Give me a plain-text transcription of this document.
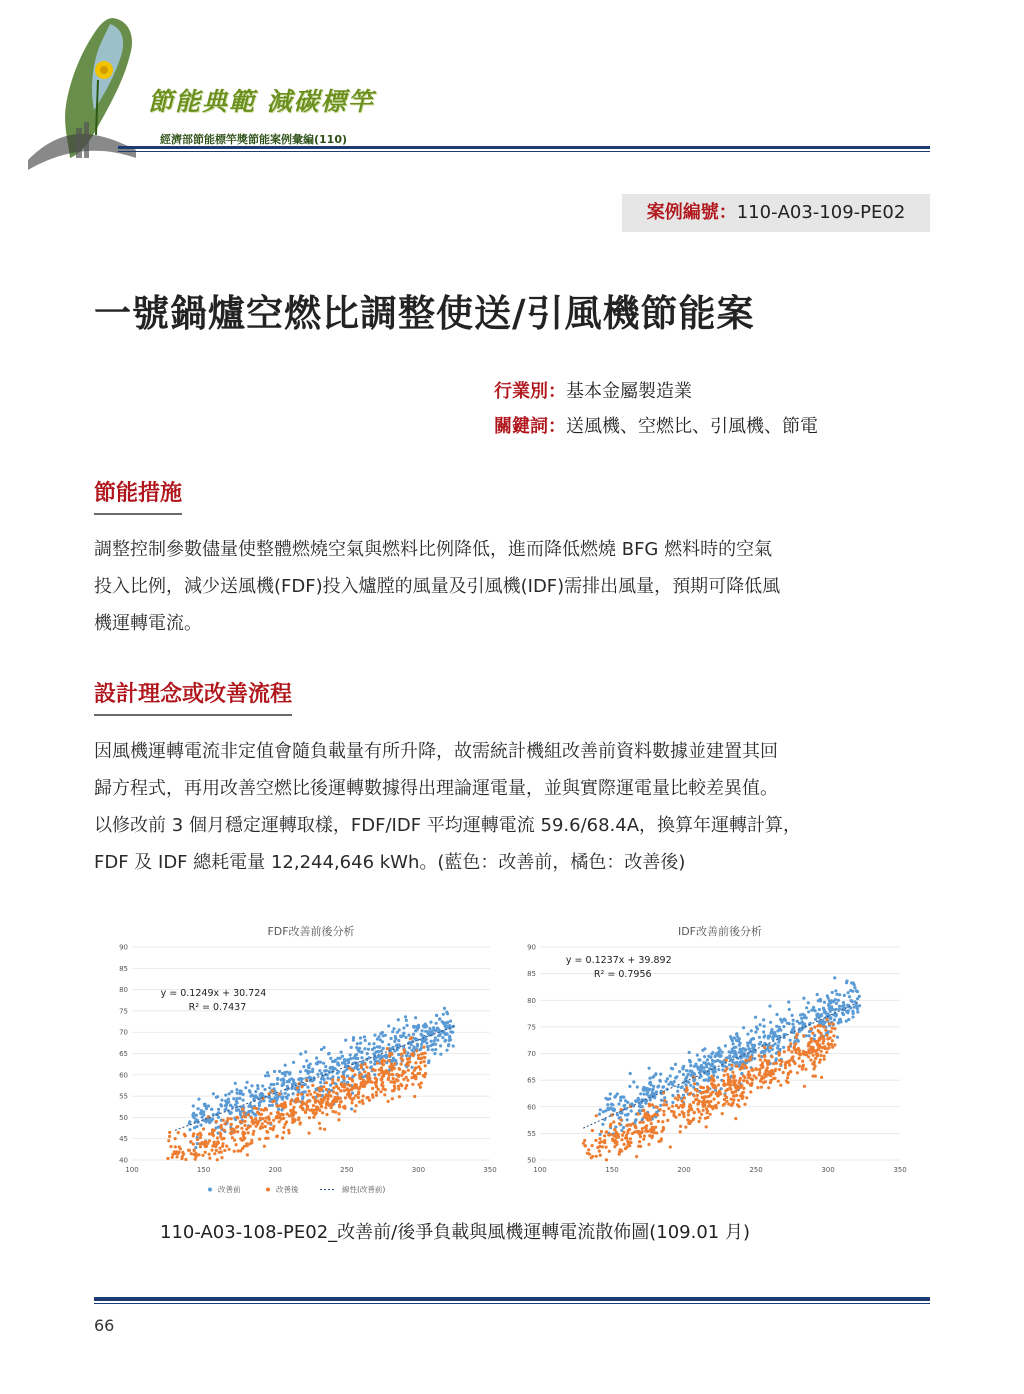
節能典範 減碳標竿
經濟部節能標竿獎節能案例彙編(110)
案例編號：110-A03-109-PE02
一號鍋爐空燃比調整使送/引風機節能案
行業別：基本金屬製造業
關鍵詞：送風機、空燃比、引風機、節電
節能措施
調整控制參數儘量使整體燃燒空氣與燃料比例降低，進而降低燃燒 BFG 燃料時的空氣
投入比例，減少送風機(FDF)投入爐膛的風量及引風機(IDF)需排出風量，預期可降低風
機運轉電流。
設計理念或改善流程
因風機運轉電流非定值會隨負載量有所升降，故需統計機組改善前資料數據並建置其回
歸方程式，再用改善空燃比後運轉數據得出理論運電量，並與實際運電量比較差異值。
以修改前 3 個月穩定運轉取樣，FDF/IDF 平均運轉電流 59.6/68.4A，換算年運轉計算，
FDF 及 IDF 總耗電量 12,244,646 kWh。(藍色：改善前，橘色：改善後)
FDF改善前後分析
40
45
50
55
60
65
70
75
80
85
90
100	150	200	250	300	350
y = 0.1249x + 30.724
R² = 0.7437
改善前	改善後	線性(改善前)
IDF改善前後分析
50
55
60
65
70
75
80
85
90
100	150	200	250	300	350
y = 0.1237x + 39.892
R² = 0.7956
110-A03-108-PE02_改善前/後爭負載與風機運轉電流散佈圖(109.01 月)
66
